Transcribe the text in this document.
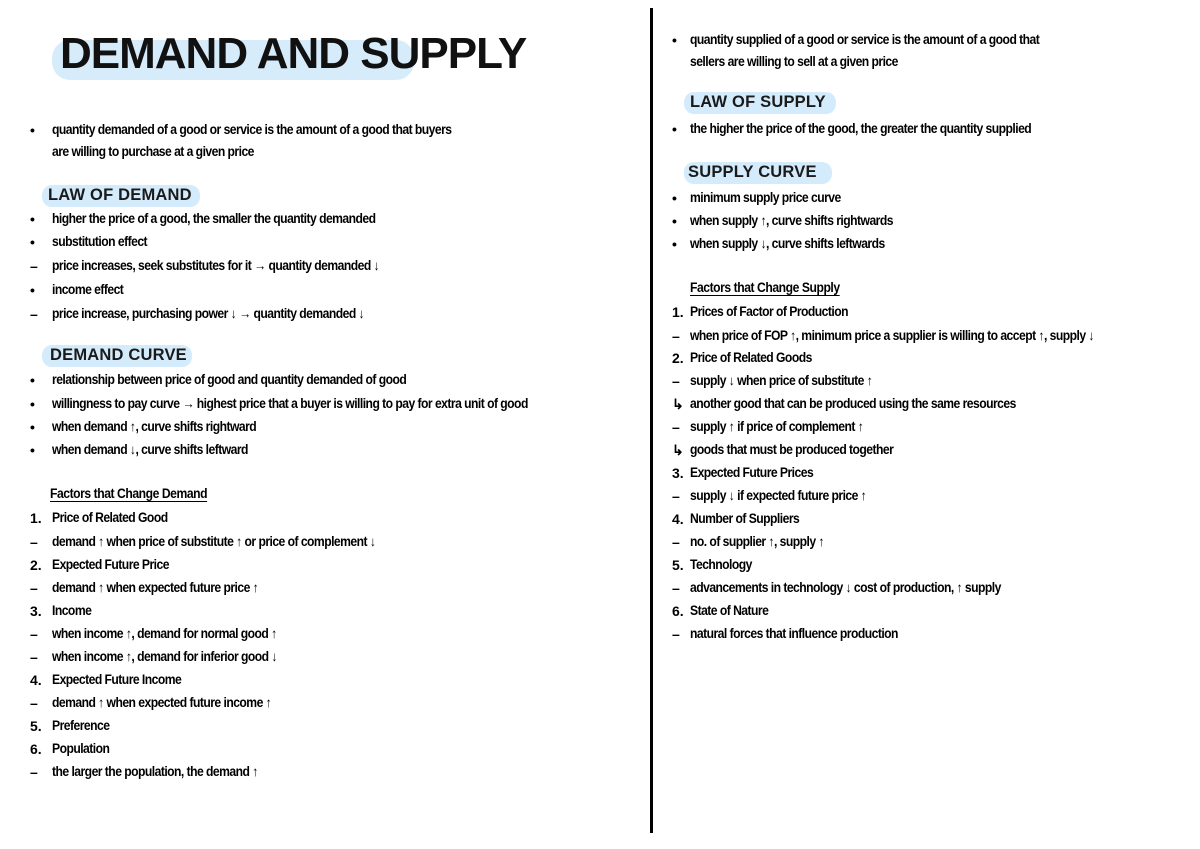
DEMAND AND SUPPLY
quantity demanded of a good or service is the amount of a good that buyers
•
are willing to purchase at a given price
LAW OF DEMAND
• higher the price of a good, the smaller the quantity demanded
• substitution effect
– price increases, seek substitutes for it → quantity demanded ↓
• income effect
– price increase, purchasing power ↓ → quantity demanded ↓
DEMAND CURVE
• relationship between price of good and quantity demanded of good
• willingness to pay curve → highest price that a buyer is willing to pay for extra unit of good
• when demand ↑, curve shifts rightward
• when demand ↓, curve shifts leftward
Factors that Change Demand
1. Price of Related Good
– demand ↑ when price of substitute ↑ or price of complement ↓
2. Expected Future Price
– demand ↑ when expected future price ↑
3. Income
– when income ↑, demand for normal good ↑
– when income ↑, demand for inferior good ↓
4. Expected Future Income
– demand ↑ when expected future income ↑
5. Preference
6. Population
– the larger the population, the demand ↑
• quantity supplied of a good or service is the amount of a good that
sellers are willing to sell at a given price
LAW OF SUPPLY
• the higher the price of the good, the greater the quantity supplied
SUPPLY CURVE
• minimum supply price curve
• when supply ↑, curve shifts rightwards
• when supply ↓, curve shifts leftwards
Factors that Change Supply
1. Prices of Factor of Production
– when price of FOP ↑, minimum price a supplier is willing to accept ↑, supply ↓
2. Price of Related Goods
– supply ↓ when price of substitute ↑
↳ another good that can be produced using the same resources
– supply ↑ if price of complement ↑
↳ goods that must be produced together
3. Expected Future Prices
– supply ↓ if expected future price ↑
4. Number of Suppliers
– no. of supplier ↑, supply ↑
5. Technology
– advancements in technology ↓ cost of production, ↑ supply
6. State of Nature
– natural forces that influence production
